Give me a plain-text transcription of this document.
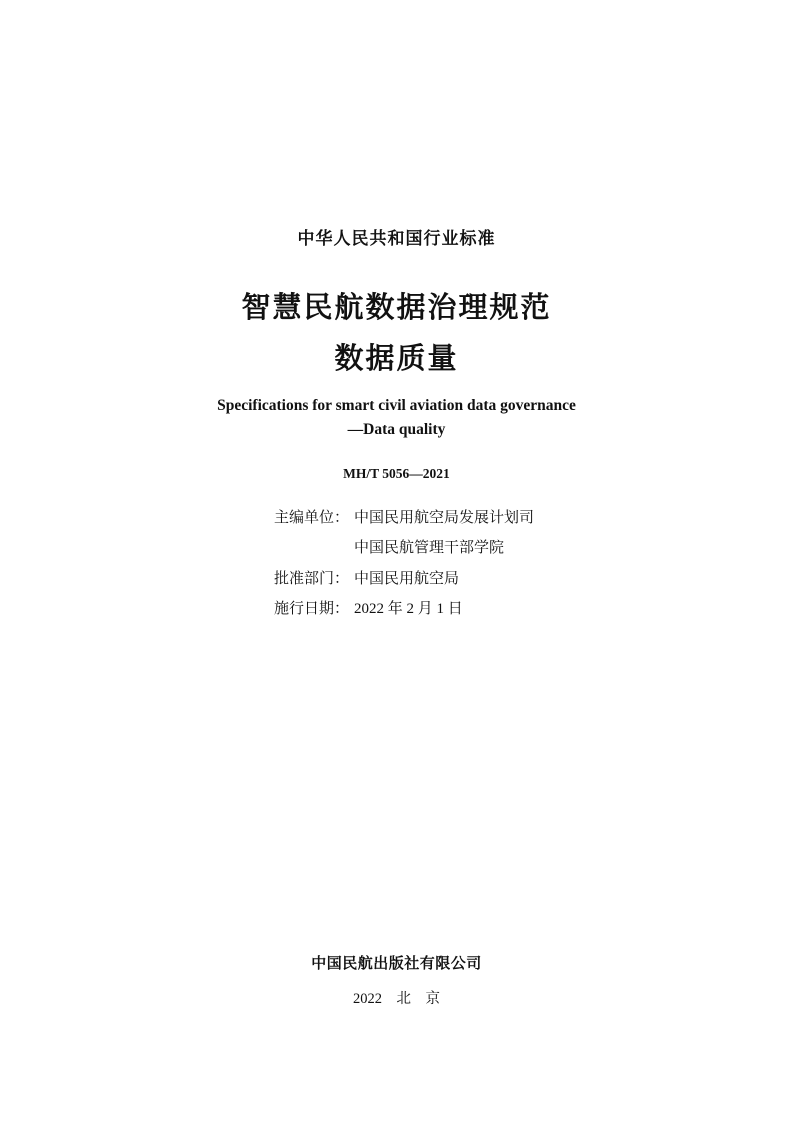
中华人民共和国行业标准
智慧民航数据治理规范
数据质量
Specifications for smart civil aviation data governance
—Data quality
MH/T 5056—2021
主编单位： 中国民用航空局发展计划司
中国民航管理干部学院
批准部门： 中国民用航空局
施行日期： 2022 年 2 月 1 日
中国民航出版社有限公司
2022　北　京
